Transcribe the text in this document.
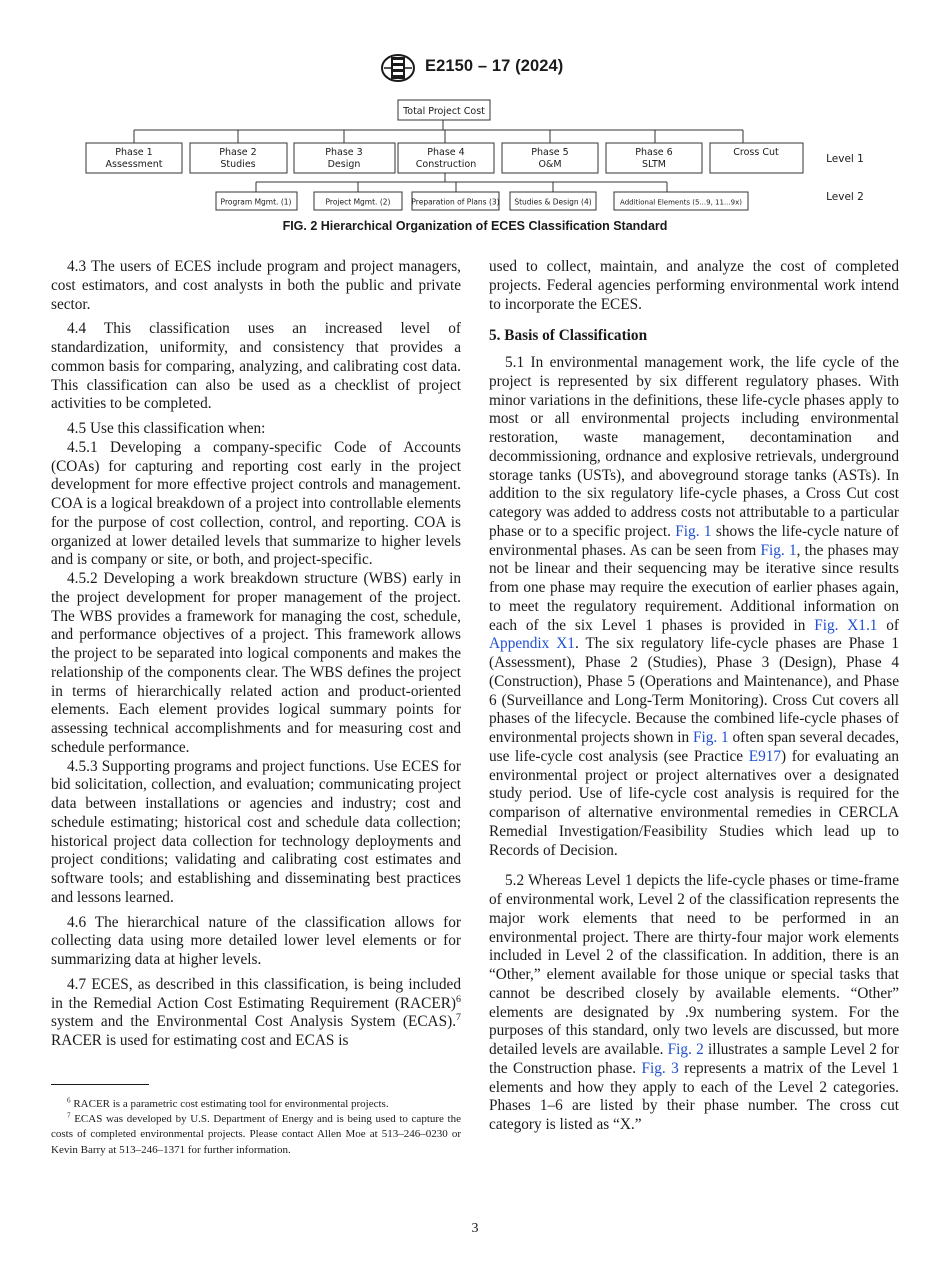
E2150 – 17 (2024)
Total Project Cost
Phase 1
Assessment
Phase 2
Studies
Phase 3
Design
Phase 4
Construction
Phase 5
O&M
Phase 6
SLTM
Cross Cut
Program Mgmt. (1)	Project Mgmt. (2)	Preparation of Plans (3) Studies & Design (4)	Additional Elements (5...9, 11...9x)
Level 1
Level 2
FIG. 2 Hierarchical Organization of ECES Classification Standard

4.3 The users of ECES include program and project managers, cost estimators, and cost analysts in both the public and private sector.

4.4 This classification uses an increased level of standardization, uniformity, and consistency that provides a common basis for comparing, analyzing, and calibrating cost data. This classification can also be used as a checklist of project activities to be completed.

4.5 Use this classification when:

4.5.1 Developing a company-specific Code of Accounts (COAs) for capturing and reporting cost early in the project development for more effective project controls and management. COA is a logical breakdown of a project into controllable elements for the purpose of cost collection, control, and reporting. COA is organized at lower detailed levels that summarize to higher levels and is company or site, or both, and project-specific.

4.5.2 Developing a work breakdown structure (WBS) early in the project development for proper management of the project. The WBS provides a framework for managing the cost, schedule, and performance objectives of a project. This framework allows the project to be separated into logical components and makes the relationship of the components clear. The WBS defines the project in terms of hierarchically related action and product-oriented elements. Each element provides logical summary points for assessing technical accomplishments and for measuring cost and schedule performance.

4.5.3 Supporting programs and project functions. Use ECES for bid solicitation, collection, and evaluation; communicating project data between installations or agencies and industry; cost and schedule estimating; historical cost and schedule data collection; historical project data collection for technology deployments and project conditions; validating and calibrating cost estimates and software tools; and establishing and disseminating best practices and lessons learned.

4.6 The hierarchical nature of the classification allows for collecting data using more detailed lower level elements or for summarizing data at higher levels.

4.7 ECES, as described in this classification, is being included in the Remedial Action Cost Estimating Requirement (RACER)$^6$ system and the Environmental Cost Analysis System (ECAS).$^7$ RACER is used for estimating cost and ECAS is

used to collect, maintain, and analyze the cost of completed projects. Federal agencies performing environmental work intend to incorporate the ECES.

5. Basis of Classification

5.1 In environmental management work, the life cycle of the project is represented by six different regulatory phases. With minor variations in the definitions, these life-cycle phases apply to most or all environmental projects including environmental restoration, waste management, decontamination and decommissioning, ordnance and explosive retrievals, underground storage tanks (USTs), and aboveground storage tanks (ASTs). In addition to the six regulatory life-cycle phases, a Cross Cut cost category was added to address costs not attributable to a particular phase or to a specific project. Fig. 1 shows the life-cycle nature of environmental phases. As can be seen from Fig. 1, the phases may not be linear and their sequencing may be iterative since results from one phase may require the execution of earlier phases again, to meet the regulatory requirement. Additional information on each of the six Level 1 phases is provided in Fig. X1.1 of Appendix X1. The six regulatory life-cycle phases are Phase 1 (Assessment), Phase 2 (Studies), Phase 3 (Design), Phase 4 (Construction), Phase 5 (Operations and Maintenance), and Phase 6 (Surveillance and Long-Term Monitoring). Cross Cut covers all phases of the lifecycle. Because the combined life-cycle phases of environmental projects shown in Fig. 1 often span several decades, use life-cycle cost analysis (see Practice E917) for evaluating an environmental project or project alternatives over a designated study period. Use of life-cycle cost analysis is required for the comparison of alternative environmental remedies in CERCLA Remedial Investigation/Feasibility Studies which lead up to Records of Decision.

5.2 Whereas Level 1 depicts the life-cycle phases or time-frame of environmental work, Level 2 of the classification represents the major work elements that need to be performed in an environmental project. There are thirty-four major work elements included in Level 2 of the classification. In addition, there is an “Other,” element available for those unique or special tasks that cannot be described closely by available elements. “Other” elements are designated by .9x numbering system. For the purposes of this standard, only two levels are discussed, but more detailed levels are available. Fig. 2 illustrates a sample Level 2 for the Construction phase. Fig. 3 represents a matrix of the Level 1 elements and how they apply to each of the Level 2 categories. Phases 1–6 are listed by their phase number. The cross cut category is listed as “X.”

$^6$ RACER is a parametric cost estimating tool for environmental projects.

$^7$ ECAS was developed by U.S. Department of Energy and is being used to capture the costs of completed environmental projects. Please contact Allen Moe at 513–246–0230 or Kevin Barry at 513–246–1371 for further information.

3
